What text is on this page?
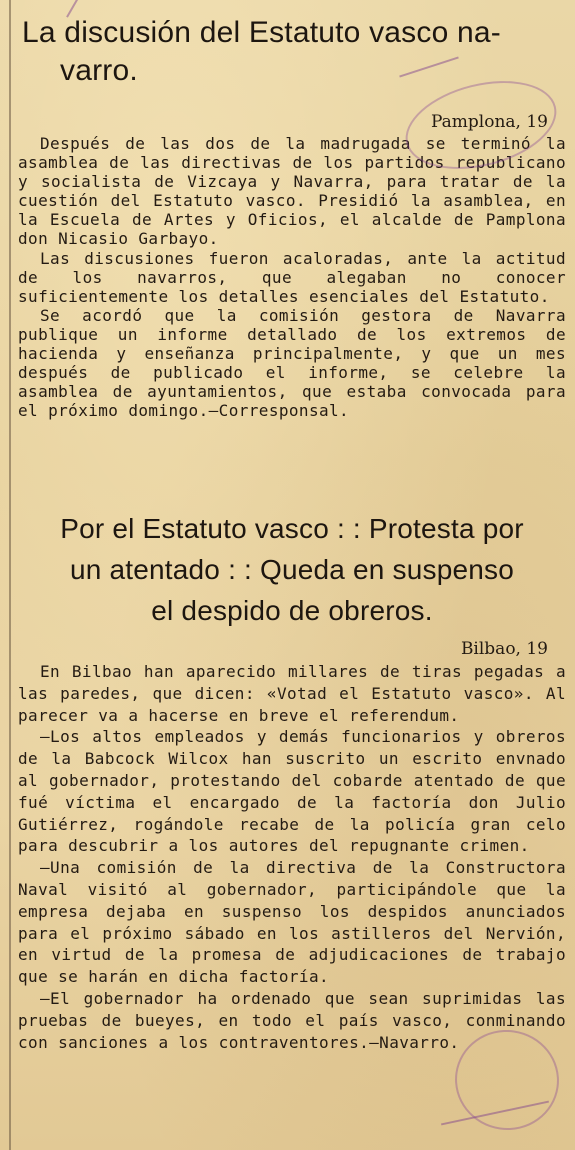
La discusión del Estatuto vasco na-
varro.
Pamplona, 19

Después de las dos de la madrugada se terminó la asamblea de las directivas de los partidos republicano y socialista de Vizcaya y Navarra, para tratar de la cuestión del Estatuto vasco. Presidió la asamblea, en la Escuela de Artes y Oficios, el alcalde de Pamplona don Nicasio Garbayo.

Las discusiones fueron acaloradas, ante la actitud de los navarros, que alegaban no conocer suficientemente los detalles esenciales del Estatuto.

Se acordó que la comisión gestora de Navarra publique un informe detallado de los extremos de hacienda y enseñanza principalmente, y que un mes después de publicado el informe, se celebre la asamblea de ayuntamientos, que estaba convocada para el próximo domingo.—Corresponsal.

Por el Estatuto vasco : : Protesta por
un atentado : : Queda en suspenso
el despido de obreros.
Bilbao, 19

En Bilbao han aparecido millares de tiras pegadas a las paredes, que dicen: «Votad el Estatuto vasco». Al parecer va a hacerse en breve el referendum.

—Los altos empleados y demás funcionarios y obreros de la Babcock Wilcox han suscrito un escrito envnado al gobernador, protestando del cobarde atentado de que fué víctima el encargado de la factoría don Julio Gutiérrez, rogándole recabe de la policía gran celo para descubrir a los autores del repugnante crimen.

—Una comisión de la directiva de la Constructora Naval visitó al gobernador, participándole que la empresa dejaba en suspenso los despidos anunciados para el próximo sábado en los astilleros del Nervión, en virtud de la promesa de adjudicaciones de trabajo que se harán en dicha factoría.

—El gobernador ha ordenado que sean suprimidas las pruebas de bueyes, en todo el país vasco, conminando con sanciones a los contraventores.—Navarro.
